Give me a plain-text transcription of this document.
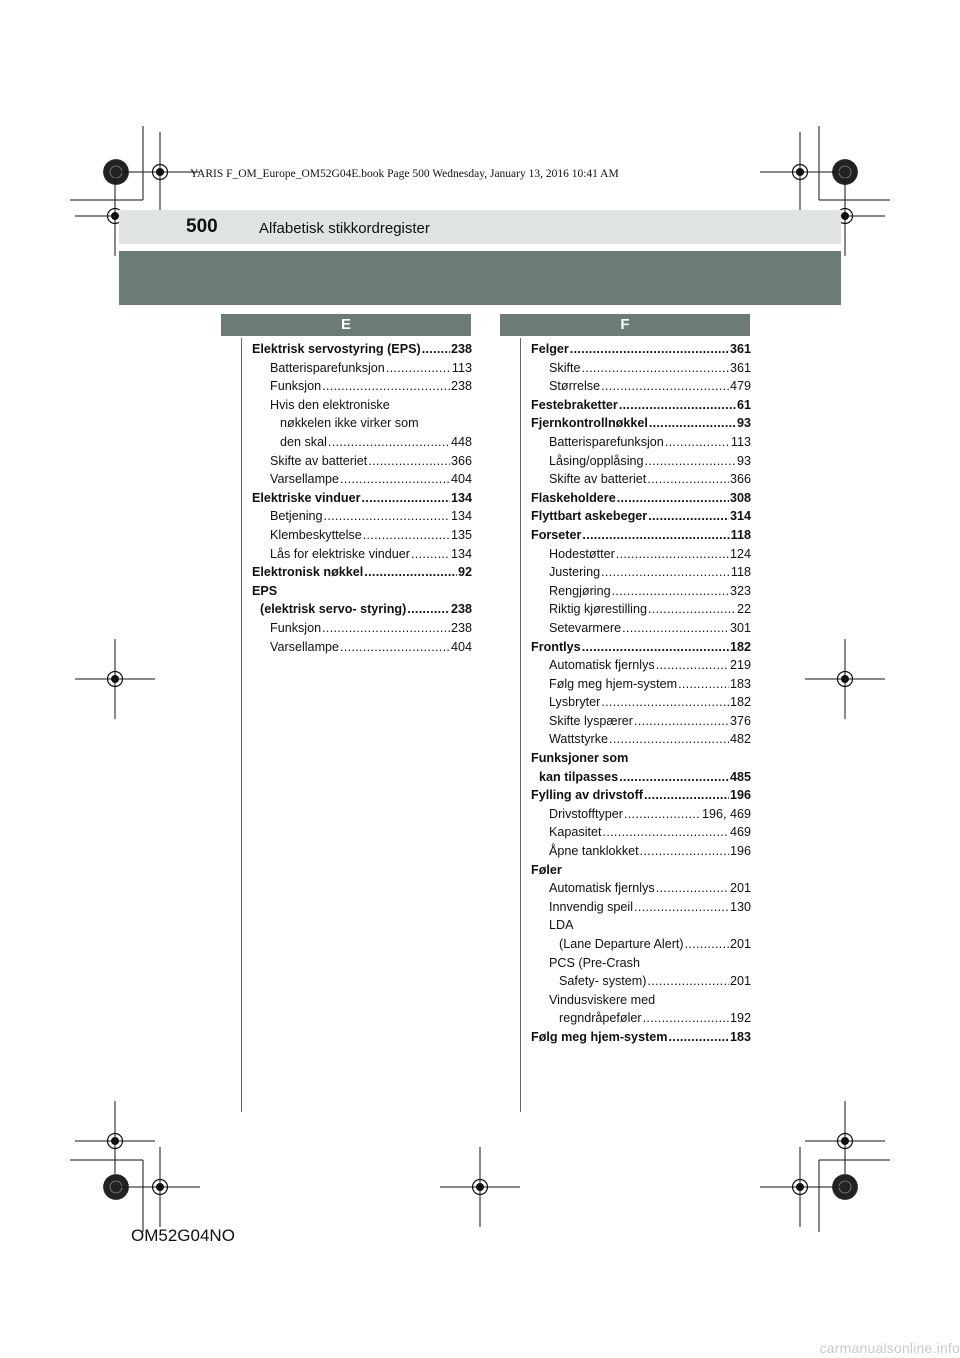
YARIS F_OM_Europe_OM52G04E.book Page 500 Wednesday, January 13, 2016 10:41 AM
500	Alfabetisk stikkordregister
E	F
Elektrisk servostyring (EPS) . . . 238
Batterisparefunksjon . . .	113
Funksjon . . .	238
Hvis den elektroniske
nøkkelen ikke virker som
den skal . . .	448
Skifte av batteriet . . .	366
Varsellampe . . .	404
Elektriske vinduer . . .	134
Betjening . . .	134
Klembeskyttelse . . .	135
Lås for elektriske vinduer . . .	134
Elektronisk nøkkel . . .	92
EPS
(elektrisk servo- styring) . . .	238
Funksjon . . .	238
Varsellampe . . .	404
Felger . . .	361
Skifte . . .	361
Størrelse . . .	479
Festebraketter . . .	61
Fjernkontrollnøkkel . . .	93
Batterisparefunksjon . . .	113
Låsing/opplåsing . . .	93
Skifte av batteriet . . .	366
Flaskeholdere . . .	308
Flyttbart askebeger . . .	314
Forseter . . .	118
Hodestøtter . . .	124
Justering . . .	118
Rengjøring . . .	323
Riktig kjørestilling . . .	22
Setevarmere . . .	301
Frontlys . . .	182
Automatisk fjernlys . . .	219
Følg meg hjem-system . . .	183
Lysbryter . . .	182
Skifte lyspærer . . .	376
Wattstyrke . . .	482
Funksjoner som
kan tilpasses . . .	485
Fylling av drivstoff . . .	196
Drivstofftyper . . .	196, 469
Kapasitet . . .	469
Åpne tanklokket . . .	196
Føler
Automatisk fjernlys . . .	201
Innvendig speil . . .	130
LDA
(Lane Departure Alert) . . .	201
PCS (Pre-Crash
Safety- system) . . .	201
Vindusviskere med
regndråpeføler . . .	192
Følg meg hjem-system . . .	183
OM52G04NO
carmanualsonline.info
